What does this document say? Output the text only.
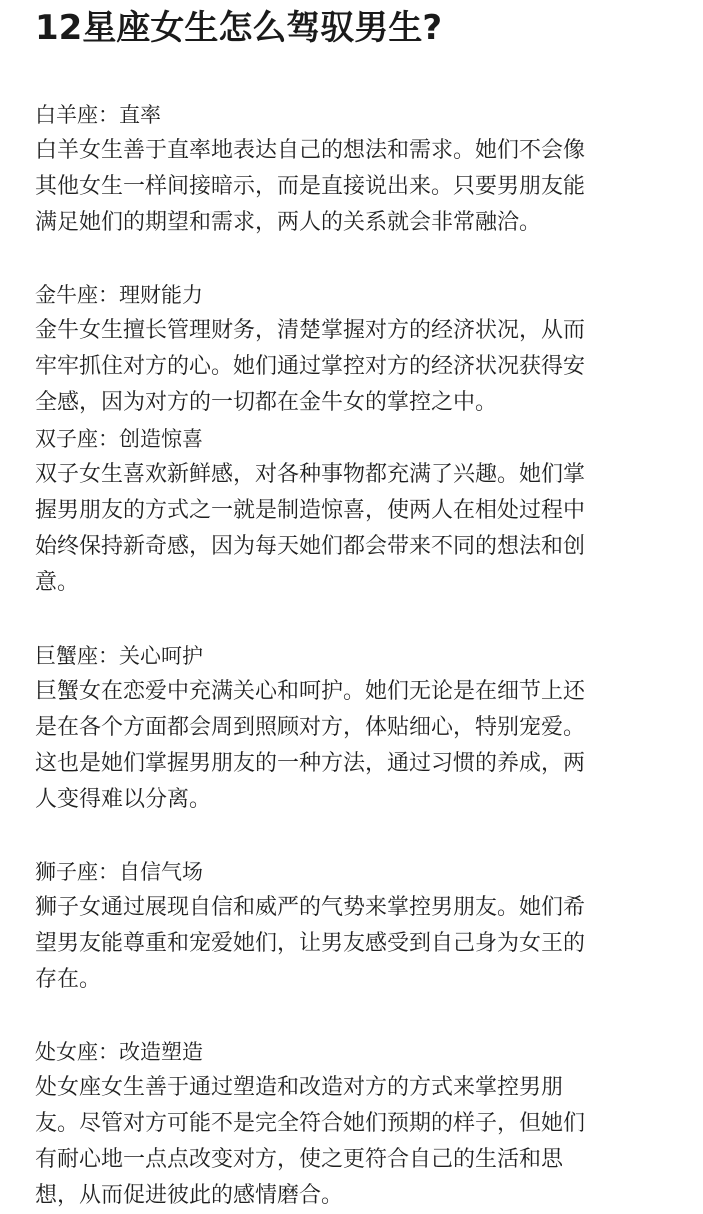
12星座女生怎么驾驭男生?
白羊座：直率
白羊女生善于直率地表达自己的想法和需求。她们不会像
其他女生一样间接暗示，而是直接说出来。只要男朋友能
满足她们的期望和需求，两人的关系就会非常融洽。
金牛座：理财能力
金牛女生擅长管理财务，清楚掌握对方的经济状况，从而
牢牢抓住对方的心。她们通过掌控对方的经济状况获得安
全感，因为对方的一切都在金牛女的掌控之中。
双子座：创造惊喜
双子女生喜欢新鲜感，对各种事物都充满了兴趣。她们掌
握男朋友的方式之一就是制造惊喜，使两人在相处过程中
始终保持新奇感，因为每天她们都会带来不同的想法和创
意。
巨蟹座：关心呵护
巨蟹女在恋爱中充满关心和呵护。她们无论是在细节上还
是在各个方面都会周到照顾对方，体贴细心，特别宠爱。
这也是她们掌握男朋友的一种方法，通过习惯的养成，两
人变得难以分离。
狮子座：自信气场
狮子女通过展现自信和威严的气势来掌控男朋友。她们希
望男友能尊重和宠爱她们，让男友感受到自己身为女王的
存在。
处女座：改造塑造
处女座女生善于通过塑造和改造对方的方式来掌控男朋
友。尽管对方可能不是完全符合她们预期的样子，但她们
有耐心地一点点改变对方，使之更符合自己的生活和思
想，从而促进彼此的感情磨合。
